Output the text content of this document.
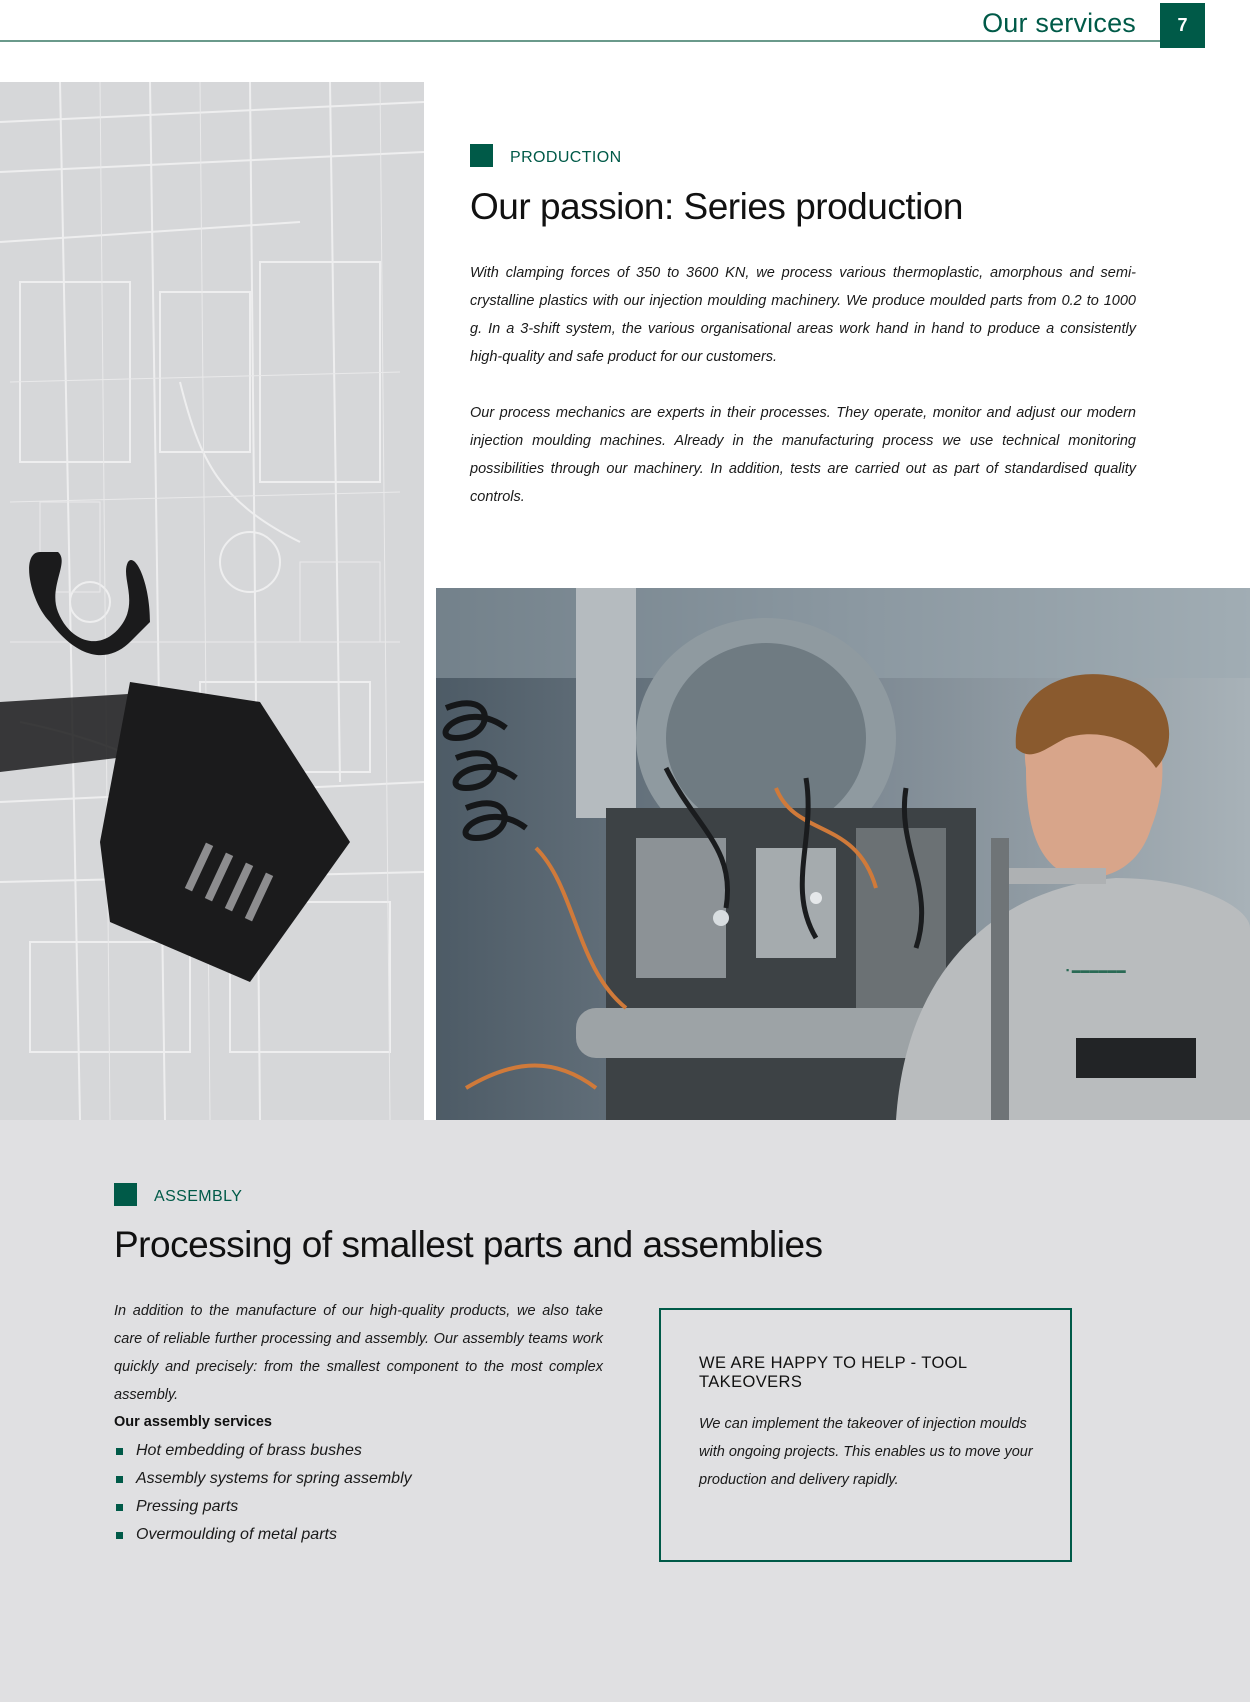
Our services	7
PRODUCTION
Our passion: Series production
With clamping forces of 350 to 3600 KN, we process various thermoplastic, amorphous and semi-crystalline plastics with our injection moulding machinery. We produce moulded parts from 0.2 to 1000 g. In a 3-shift system, the various organisational areas work hand in hand to produce a consistently high-quality and safe product for our customers.
Our process mechanics are experts in their processes. They operate, monitor and adjust our modern injection moulding machines. Already in the manufacturing process we use technical monitoring possibilities through our machinery. In addition, tests are carried out as part of standardised quality controls.
▪ ▬▬▬▬▬▬
ASSEMBLY
Processing of smallest parts and assemblies
In addition to the manufacture of our high-quality products, we also take care of reliable further processing and assembly. Our assembly teams work quickly and precisely: from the smallest component to the most complex assembly.
Our assembly services
Hot embedding of brass bushes
Assembly systems for spring assembly
Pressing parts
Overmoulding of metal parts
WE ARE HAPPY TO HELP - TOOL TAKEOVERS
We can implement the takeover of injection moulds with ongoing projects. This enables us to move your production and delivery rapidly.
